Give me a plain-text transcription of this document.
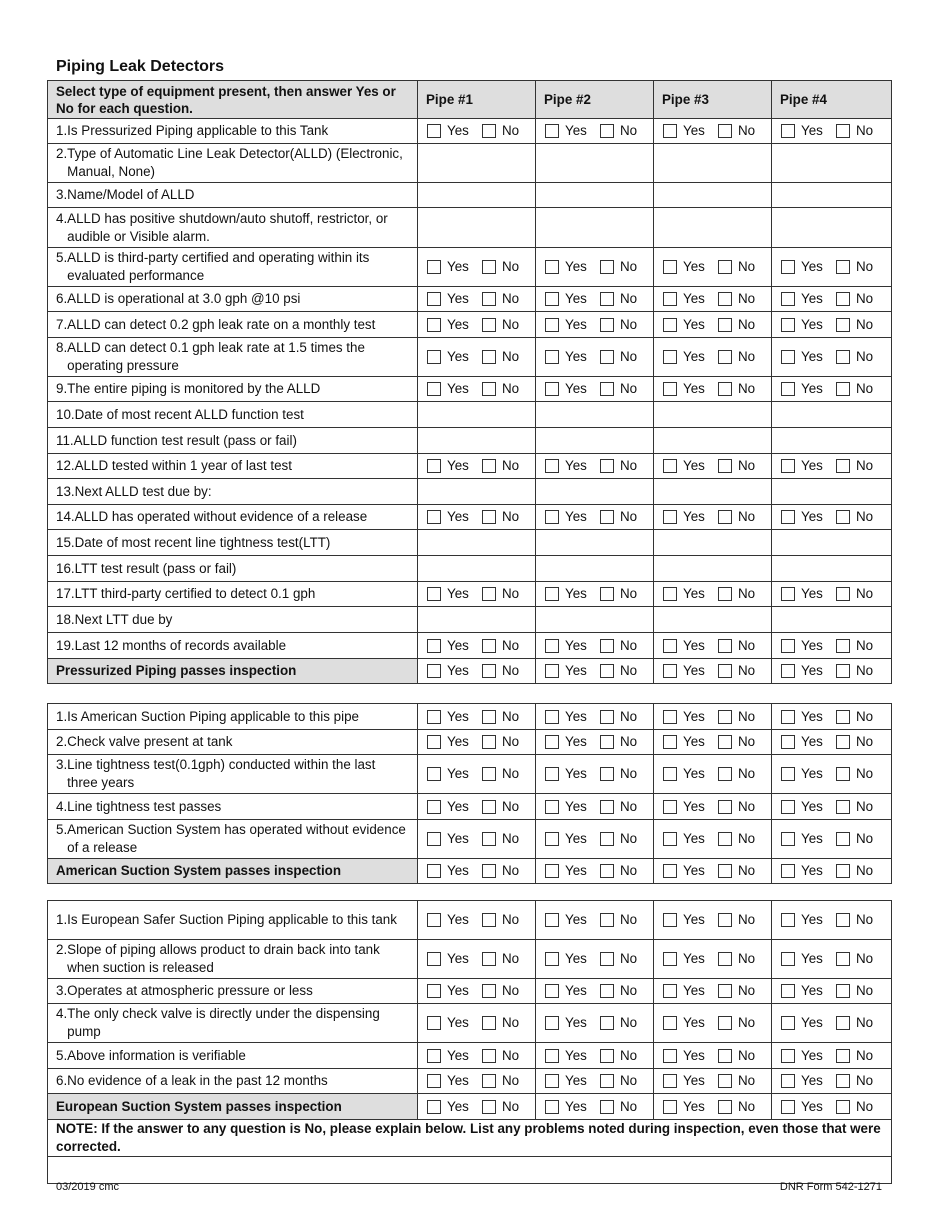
Piping Leak Detectors
Select type of equipment present, then answer Yes or No for each question.	Pipe #1	Pipe #2	Pipe #3	Pipe #4

1. Is Pressurized Piping applicable to this Tank	Yes No	Yes No	Yes No	Yes No

2. Type of Automatic Line Leak Detector(ALLD) (Electronic, Manual, None)				

3. Name/Model of ALLD				

4. ALLD has positive shutdown/auto shutoff, restrictor, or audible or Visible alarm.				

5. ALLD is third-party certified and operating within its evaluated performance	Yes No	Yes No	Yes No	Yes No

6. ALLD is operational at 3.0 gph @10 psi	Yes No	Yes No	Yes No	Yes No

7. ALLD can detect 0.2 gph leak rate on a monthly test	Yes No	Yes No	Yes No	Yes No

8. ALLD can detect 0.1 gph leak rate at 1.5 times the operating pressure	Yes No	Yes No	Yes No	Yes No

9. The entire piping is monitored by the ALLD	Yes No	Yes No	Yes No	Yes No

10. Date of most recent ALLD function test				

11. ALLD function test result (pass or fail)				

12. ALLD tested within 1 year of last test	Yes No	Yes No	Yes No	Yes No

13. Next ALLD test due by:				

14. ALLD has operated without evidence of a release	Yes No	Yes No	Yes No	Yes No

15. Date of most recent line tightness test(LTT)				

16. LTT test result (pass or fail)				

17. LTT third-party certified to detect 0.1 gph	Yes No	Yes No	Yes No	Yes No

18. Next LTT due by				

19. Last 12 months of records available	Yes No	Yes No	Yes No	Yes No

Pressurized Piping passes inspection	Yes No	Yes No	Yes No	Yes No
1. Is American Suction Piping applicable to this pipe	Yes No	Yes No	Yes No	Yes No

2. Check valve present at tank	Yes No	Yes No	Yes No	Yes No

3. Line tightness test(0.1gph) conducted within the last three years	Yes No	Yes No	Yes No	Yes No

4. Line tightness test passes	Yes No	Yes No	Yes No	Yes No

5. American Suction System has operated without evidence of a release	Yes No	Yes No	Yes No	Yes No

American Suction System passes inspection	Yes No	Yes No	Yes No	Yes No
1. Is European Safer Suction Piping applicable to this tank	Yes No	Yes No	Yes No	Yes No

2. Slope of piping allows product to drain back into tank when suction is released	Yes No	Yes No	Yes No	Yes No

3. Operates at atmospheric pressure or less	Yes No	Yes No	Yes No	Yes No

4. The only check valve is directly under the dispensing pump	Yes No	Yes No	Yes No	Yes No

5. Above information is verifiable	Yes No	Yes No	Yes No	Yes No

6. No evidence of a leak in the past 12 months	Yes No	Yes No	Yes No	Yes No

European Suction System passes inspection	Yes No	Yes No	Yes No	Yes No

NOTE: If the answer to any question is No, please explain below. List any problems noted during inspection, even those that were corrected.				

03/2019 cmc	DNR Form 542-1271
